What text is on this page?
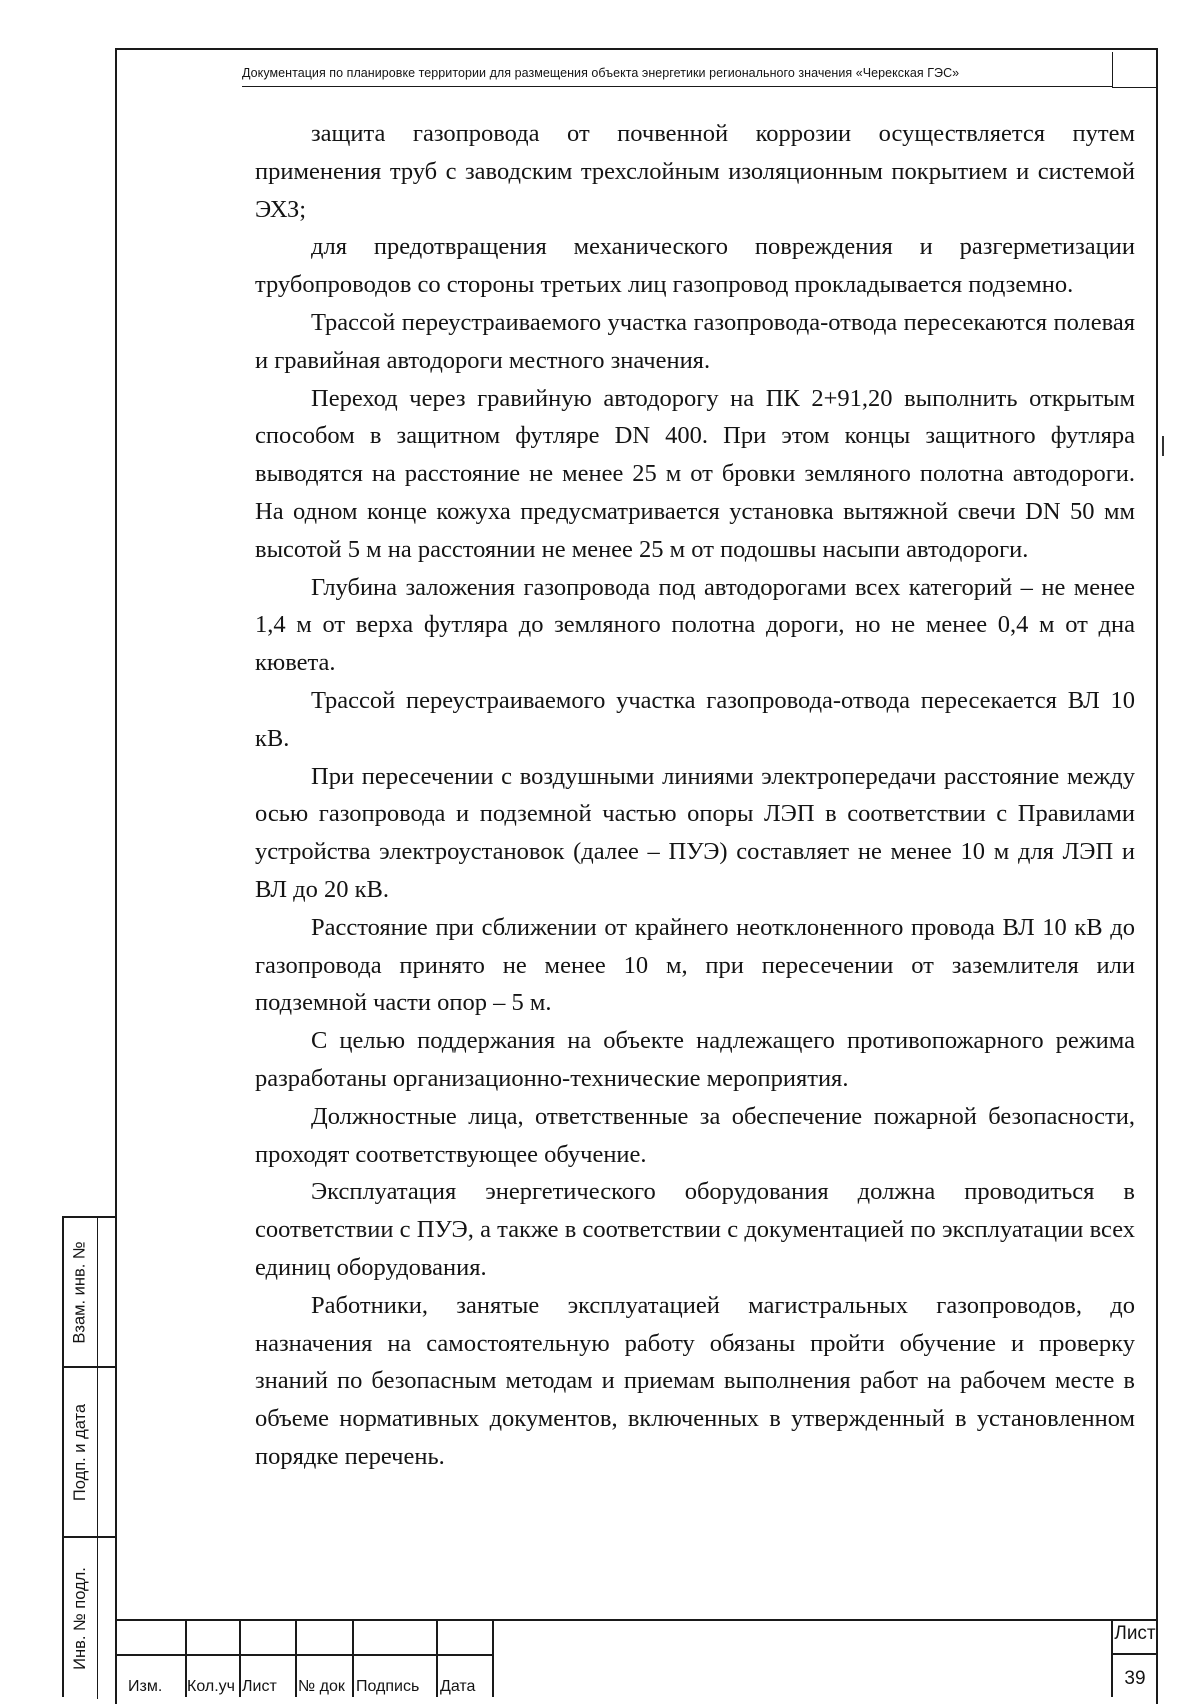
Документация по планировке территории для размещения объекта энергетики регионального значения «Черекская ГЭС»

защита газопровода от почвенной коррозии осуществляется путем применения труб с заводским трехслойным изоляционным покрытием и системой ЭХЗ;

для предотвращения механического повреждения и разгерметизации трубопроводов со стороны третьих лиц газопровод прокладывается подземно.

Трассой переустраиваемого участка газопровода-отвода пересекаются полевая и гравийная автодороги местного значения.

Переход через гравийную автодорогу на ПК 2+91,20 выполнить открытым способом в защитном футляре DN 400. При этом концы защитного футляра выводятся на расстояние не менее 25 м от бровки земляного полотна автодороги. На одном конце кожуха предусматривается установка вытяжной свечи DN 50 мм высотой 5 м на расстоянии не менее 25 м от подошвы насыпи автодороги.

Глубина заложения газопровода под автодорогами всех категорий – не менее 1,4 м от верха футляра до земляного полотна дороги, но не менее 0,4 м от дна кювета.

Трассой переустраиваемого участка газопровода-отвода пересекается ВЛ 10 кВ.

При пересечении с воздушными линиями электропередачи расстояние между осью газопровода и подземной частью опоры ЛЭП в соответствии с Правилами устройства электроустановок (далее – ПУЭ) составляет не менее 10 м для ЛЭП и ВЛ до 20 кВ.

Расстояние при сближении от крайнего неотклоненного провода ВЛ 10 кВ до газопровода принято не менее 10 м, при пересечении от заземлителя или подземной части опор – 5 м.

С целью поддержания на объекте надлежащего противопожарного режима разработаны организационно-технические мероприятия.

Должностные лица, ответственные за обеспечение пожарной безопасности, проходят соответствующее обучение.

Эксплуатация энергетического оборудования должна проводиться в соответствии с ПУЭ, а также в соответствии с документацией по эксплуатации всех единиц оборудования.

Работники, занятые эксплуатацией магистральных газопроводов, до назначения на самостоятельную работу обязаны пройти обучение и проверку знаний по безопасным методам и приемам выполнения работ на рабочем месте в объеме нормативных документов, включенных в утвержденный в установленном порядке перечень.

Взам. инв. №
Подп. и дата
Инв. № подл.
Изм.	Кол.уч Лист	№ док Подпись	Дата
Лист
39
